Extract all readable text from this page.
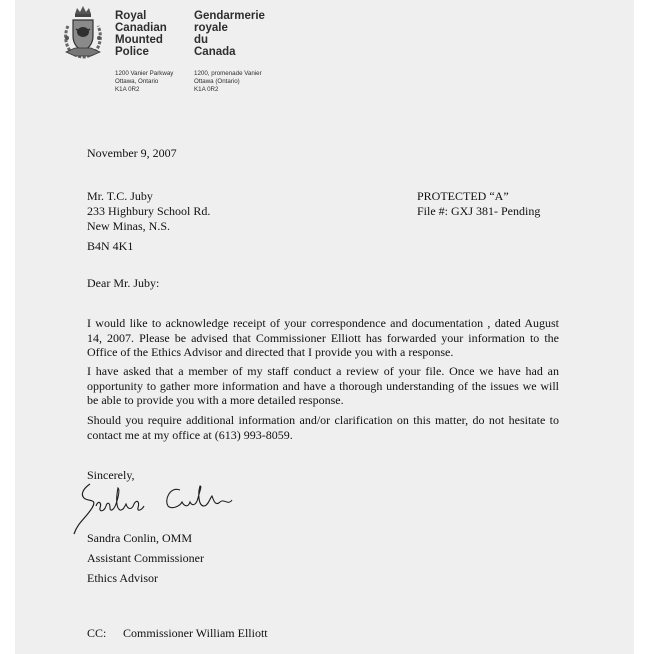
Royal
Canadian
Mounted
Police
Gendarmerie
royale
du
Canada
1200 Vanier Parkway
Ottawa, Ontario
K1A 0R2
1200, promenade Vanier
Ottawa (Ontario)
K1A 0R2
November 9, 2007
Mr. T.C. Juby
233 Highbury School Rd.
New Minas, N.S.
B4N 4K1
PROTECTED “A”
File #: GXJ 381- Pending
Dear Mr. Juby:
I would like to acknowledge receipt of your correspondence and documentation , dated August 14, 2007. Please be advised that Commissioner Elliott has forwarded your information to the Office of the Ethics Advisor and directed that I provide you with a response.
I have asked that a member of my staff conduct a review of your file. Once we have had an opportunity to gather more information and have a thorough understanding of the issues we will be able to provide you with a more detailed response.
Should you require additional information and/or clarification on this matter, do not hesitate to contact me at my office at (613) 993-8059.
Sincerely,
Sandra Conlin, OMM
Assistant Commissioner
Ethics Advisor
CC: Commissioner William Elliott
